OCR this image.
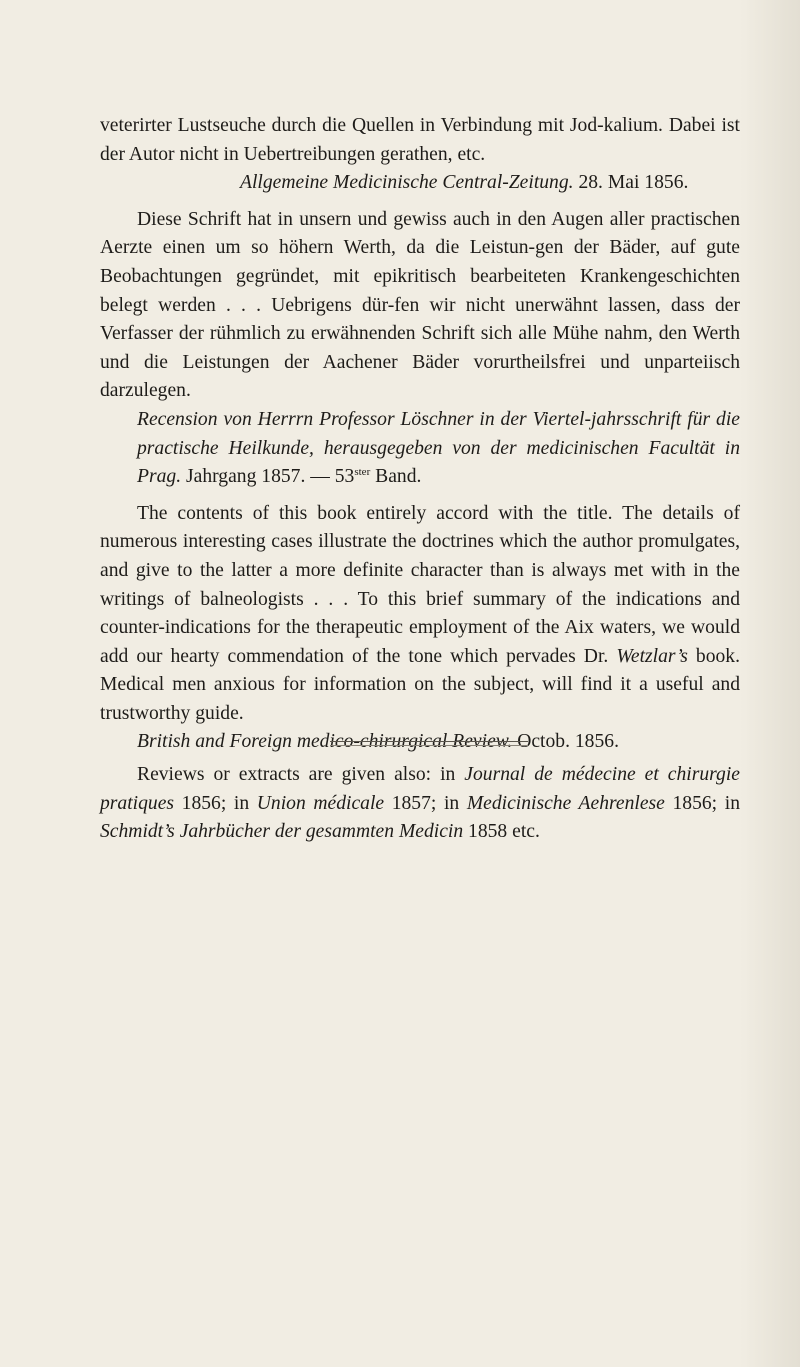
veterirter Lustseuche durch die Quellen in Verbindung mit Jod-kalium. Dabei ist der Autor nicht in Uebertreibungen gerathen, etc.

Allgemeine Medicinische Central-Zeitung. 28. Mai 1856.

Diese Schrift hat in unsern und gewiss auch in den Augen aller practischen Aerzte einen um so höhern Werth, da die Leistun-gen der Bäder, auf gute Beobachtungen gegründet, mit epikritisch bearbeiteten Krankengeschichten belegt werden . . . Uebrigens dür-fen wir nicht unerwähnt lassen, dass der Verfasser der rühmlich zu erwähnenden Schrift sich alle Mühe nahm, den Werth und die Leistungen der Aachener Bäder vorurtheilsfrei und unparteiisch darzulegen.

Recension von Herrrn Professor Löschner in der Viertel-jahrsschrift für die practische Heilkunde, herausgegeben von der medicinischen Facultät in Prag. Jahrgang 1857. — $53^{ster}$ Band.

The contents of this book entirely accord with the title. The details of numerous interesting cases illustrate the doctrines which the author promulgates, and give to the latter a more definite character than is always met with in the writings of balneologists . . . To this brief summary of the indications and counter-indications for the therapeutic employment of the Aix waters, we would add our hearty commendation of the tone which pervades Dr. Wetzlar’s book. Medical men anxious for information on the subject, will find it a useful and trustworthy guide.

British and Foreign medico-chirurgical Review. Octob. 1856.

Reviews or extracts are given also: in Journal de médecine et chirurgie pratiques 1856; in Union médicale 1857; in Medicinische Aehrenlese 1856; in Schmidt’s Jahrbücher der gesammten Medicin 1858 etc.
